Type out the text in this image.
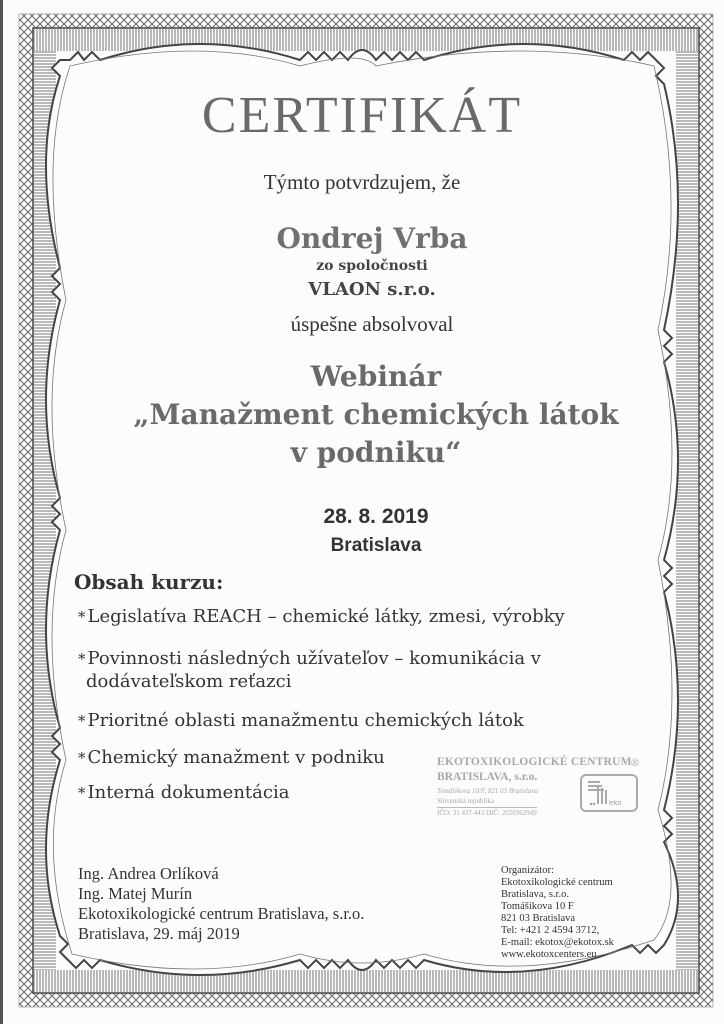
CERTIFIKÁT
Týmto potvrdzujem, že
Ondrej Vrba
zo spoločnosti
VLAON s.r.o.
úspešne absolvoval
Webinár
„Manažment chemických látok
v podniku“
28. 8. 2019
Bratislava
Obsah kurzu:
* Legislatíva REACH – chemické látky, zmesi, výrobky
* Povinnosti následných užívateľov – komunikácia v
dodávateľskom reťazci
* Prioritné oblasti manažmentu chemických látok
* Chemický manažment v podniku
* Interná dokumentácia
EKOTOXIKOLOGICKÉ CENTRUM
BRATISLAVA, s.r.o.
Tomášikova 10/F, 821 03 Bratislava
Slovenská republika
IČO: 31 437 443 DIČ: 2020362949
®
eko
Ing. Andrea Orlíková
Ing. Matej Murín
Ekotoxikologické centrum Bratislava, s.r.o.
Bratislava, 29. máj 2019
Organizátor:
Ekotoxikologické centrum
Bratislava, s.r.o.
Tomášikova 10 F
821 03 Bratislava
Tel: +421 2 4594 3712,
E-mail: ekotox@ekotox.sk
www.ekotoxcenters.eu
